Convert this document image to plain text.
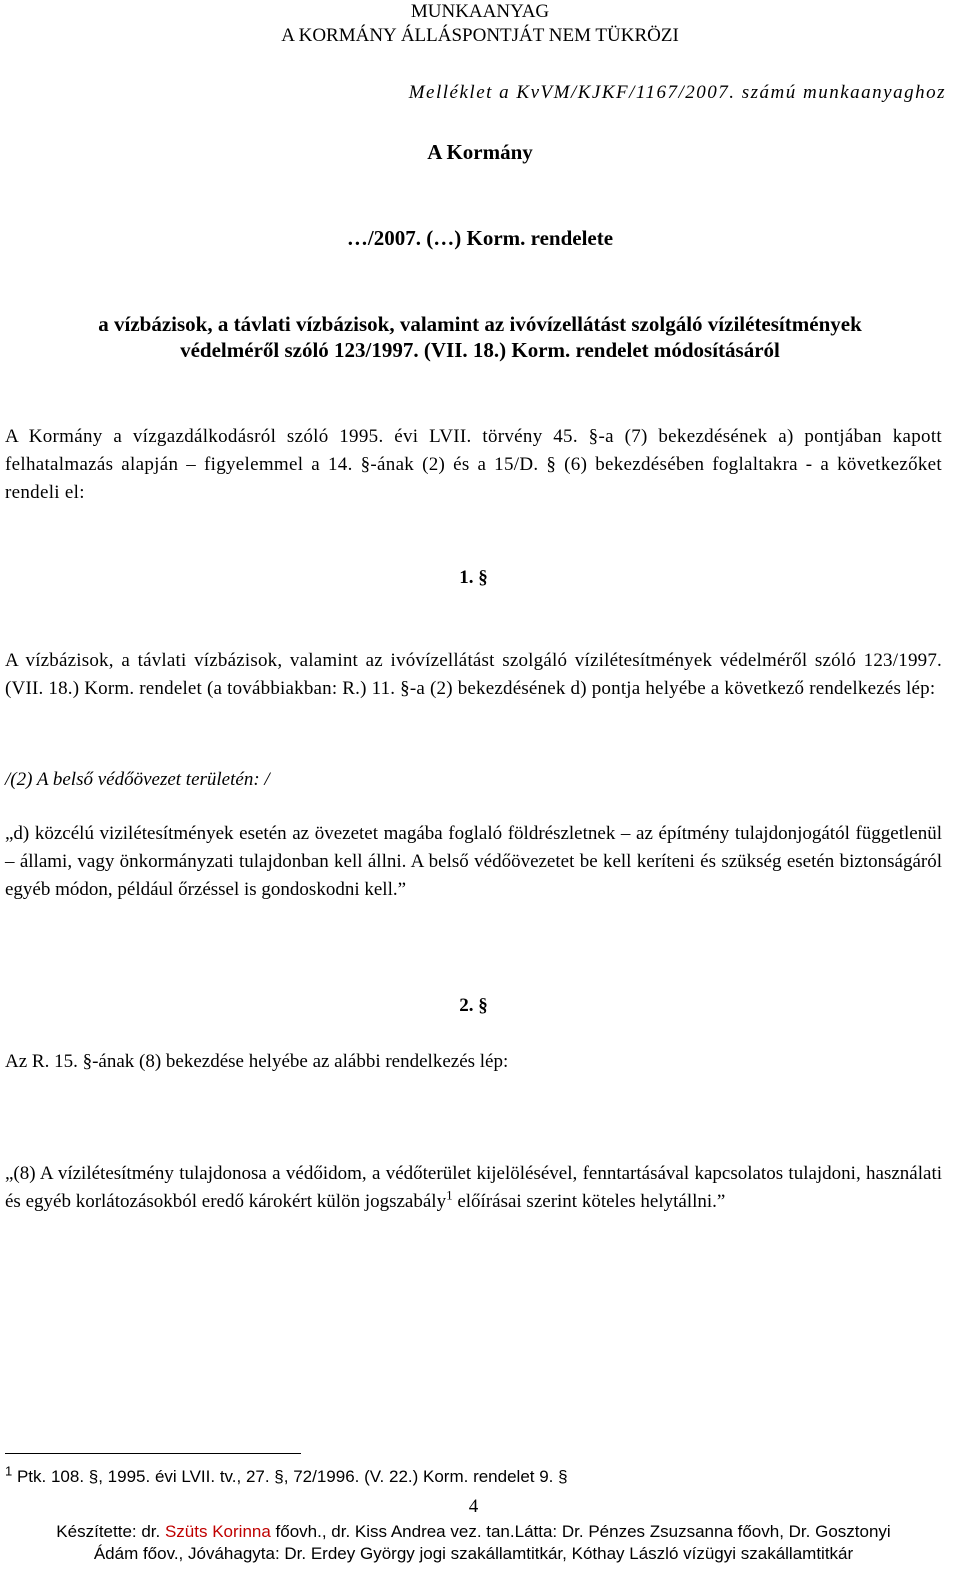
MUNKAANYAG
A KORMÁNY ÁLLÁSPONTJÁT NEM TÜKRÖZI
Melléklet a KvVM/KJKF/1167/2007. számú munkaanyaghoz
A Kormány
…/2007. (…) Korm. rendelete
a vízbázisok, a távlati vízbázisok, valamint az ivóvízellátást szolgáló vízilétesítmények
védelméről szóló 123/1997. (VII. 18.) Korm. rendelet módosításáról
A Kormány a vízgazdálkodásról szóló 1995. évi LVII. törvény 45. §-a (7) bekezdésének a) pontjában kapott felhatalmazás alapján – figyelemmel a 14. §-ának (2) és a 15/D. § (6) bekezdésében foglaltakra - a következőket rendeli el:
1. §
A vízbázisok, a távlati vízbázisok, valamint az ivóvízellátást szolgáló vízilétesítmények védelméről szóló 123/1997. (VII. 18.) Korm. rendelet (a továbbiakban: R.) 11. §-a (2) bekezdésének d) pontja helyébe a következő rendelkezés lép:
/(2) A belső védőövezet területén: /
„d) közcélú vizilétesítmények esetén az övezetet magába foglaló földrészletnek – az építmény tulajdonjogától függetlenül – állami, vagy önkormányzati tulajdonban kell állni. A belső védőövezetet be kell keríteni és szükség esetén biztonságáról egyéb módon, például őrzéssel is gondoskodni kell.”
2. §
Az R. 15. §-ának (8) bekezdése helyébe az alábbi rendelkezés lép:
„(8) A vízilétesítmény tulajdonosa a védőidom, a védőterület kijelölésével, fenntartásával kapcsolatos tulajdoni, használati és egyéb korlátozásokból eredő károkért külön jogszabály$^1$ előírásai szerint köteles helytállni.”
$^1$ Ptk. 108. §, 1995. évi LVII. tv., 27. §, 72/1996. (V. 22.) Korm. rendelet 9. §
4
Készítette: dr. Szüts Korinna főovh., dr. Kiss Andrea vez. tan.Látta: Dr. Pénzes Zsuzsanna főovh, Dr. Gosztonyi
Ádám főov., Jóváhagyta: Dr. Erdey György jogi szakállamtitkár, Kóthay László vízügyi szakállamtitkár
